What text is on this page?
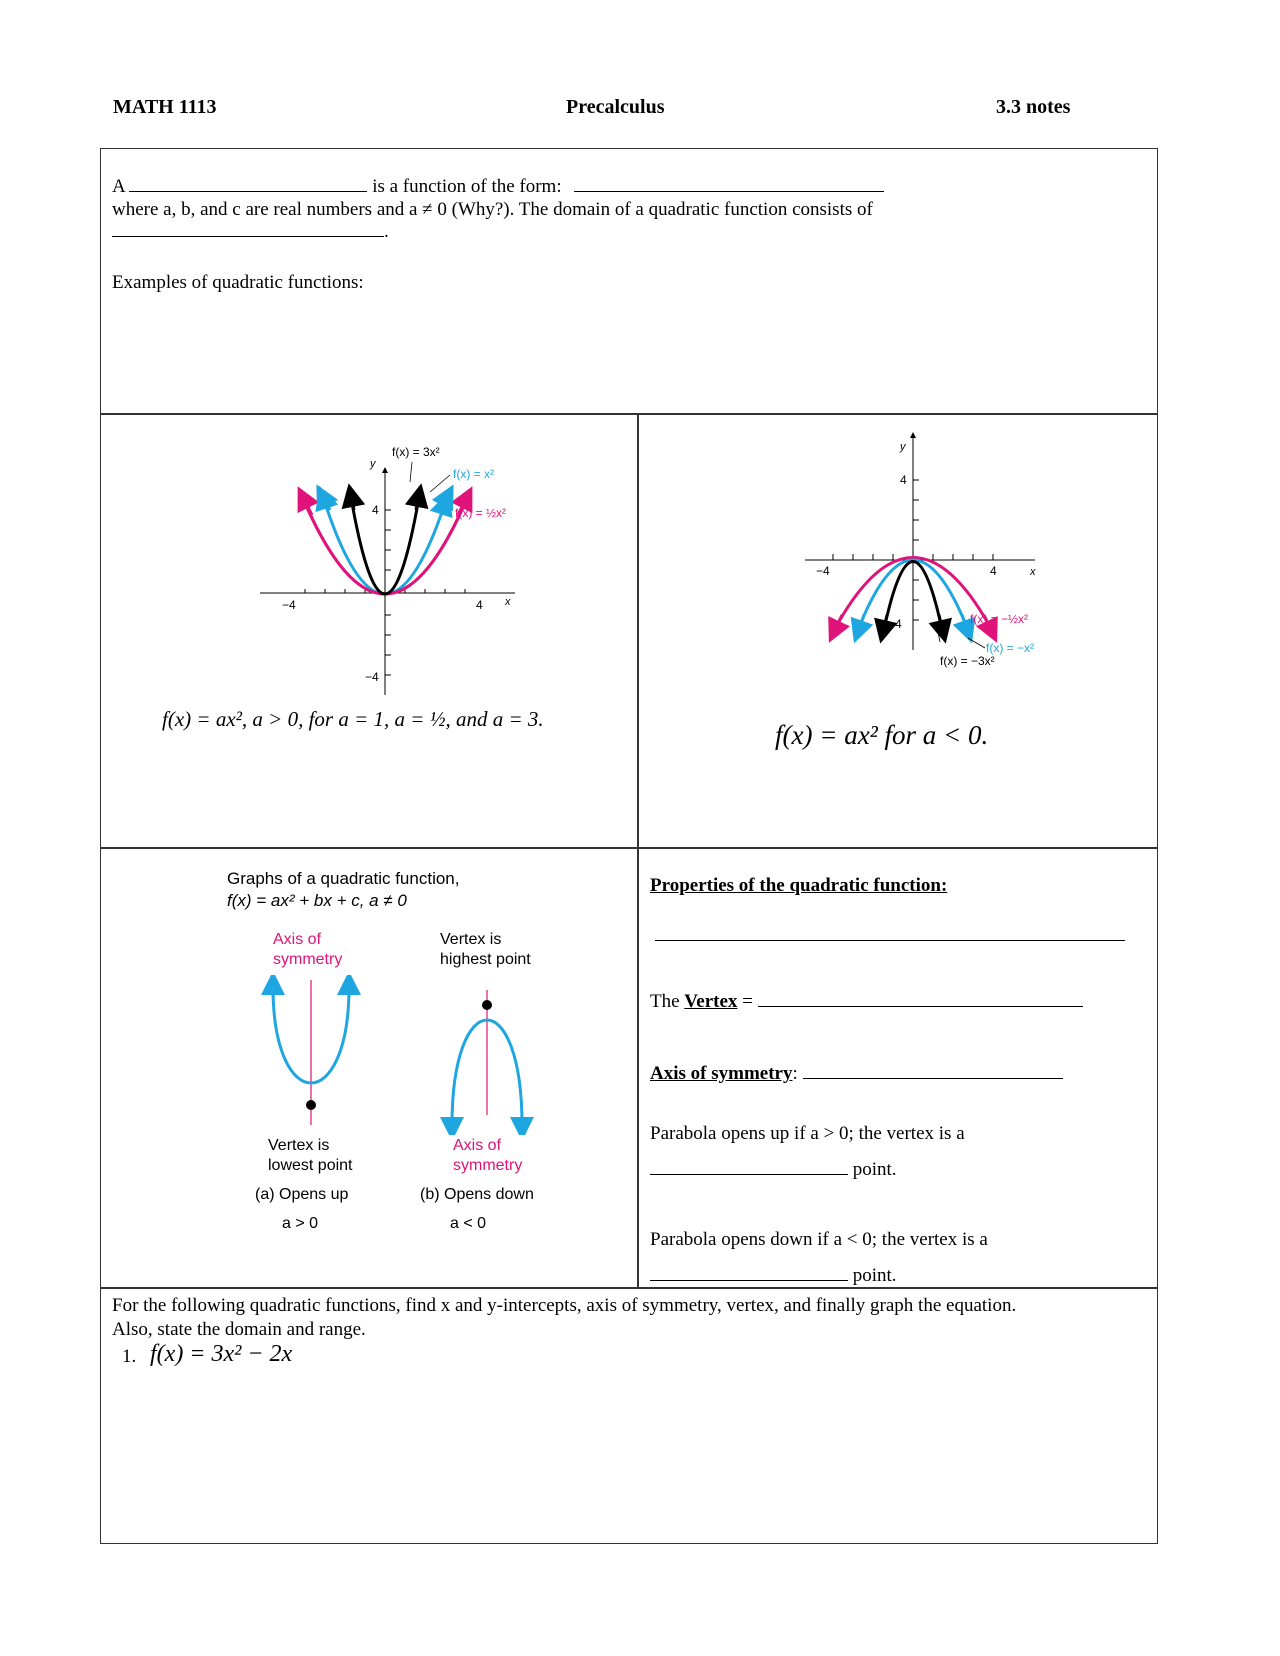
MATH 1113	Precalculus	3.3 notes
A	is a function of the form:
where a, b, and c are real numbers and a ≠ 0 (Why?). The domain of a quadratic function consists of
.
Examples of quadratic functions:
y
x
f(x) = 3x²
f(x) = x²
f(x) = ½x²
−4	4
4
−4
f(x) = ax², a > 0, for a = 1, a = ½, and a = 3.
y
x
−4	4
4
−4	f(x) = −½x²
f(x) = −x²
f(x) = −3x²
f(x) = ax² for a < 0.
Graphs of a quadratic function,
f(x) = ax² + bx + c, a ≠ 0
Axis of symmetry
Vertex is highest point
Vertex is lowest point
Axis of symmetry
(a) Opens up	(b) Opens down
a > 0	a < 0
Properties of the quadratic function:
The Vertex =
Axis of symmetry:
Parabola opens up if a > 0; the vertex is a
point.
Parabola opens down if a < 0; the vertex is a
point.
For the following quadratic functions, find x and y-intercepts, axis of symmetry, vertex, and finally graph the equation.
Also, state the domain and range.
1. f(x) = 3x² − 2x
